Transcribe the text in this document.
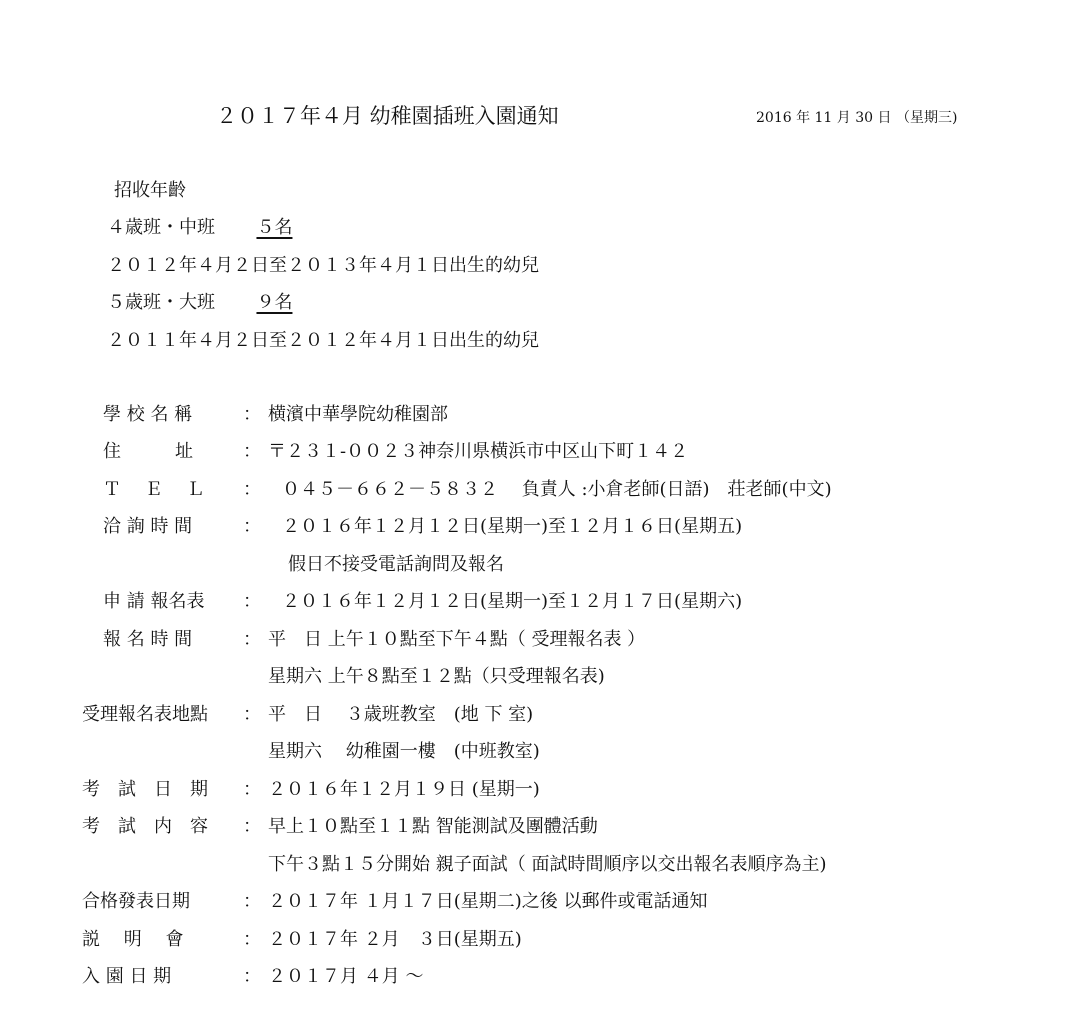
２０１７年４月 幼稚園插班入園通知	2016 年 11 月 30 日 （星期三)
招收年齡
４歳班・中班 ５名
２０１２年４月２日至２０１３年４月１日出生的幼兒
５歳班・大班 ９名
２０１１年４月２日至２０１２年４月１日出生的幼兒
學 校 名 稱	： 横濱中華學院幼稚園部
住　　　址	： 〒２３１-００２３神奈川県横浜市中区山下町１４２
Ｔ　 Ｅ　 Ｌ ： ０４５－６６２－５８３２　 負責人 :小倉老師(日語)　荘老師(中文)
洽 詢 時 間	： ２０１６年１２月１２日(星期一)至１２月１６日(星期五)
假日不接受電話詢問及報名
申 請 報名表 ： ２０１６年１２月１２日(星期一)至１２月１７日(星期六)
報 名 時 間	： 平　日 上午１０點至下午４點（ 受理報名表 ）
星期六 上午８點至１２點（只受理報名表)
受理報名表地點 ： 平　日　 ３歳班教室　(地 下 室)
星期六　 幼稚園一樓　(中班教室)
考　試　日　期 ： ２０１６年１２月１９日 (星期一)
考　試　内　容 ： 早上１０點至１１點 智能測試及團體活動
下午３點１５分開始 親子面試（ 面試時間順序以交出報名表順序為主)
合格發表日期	： ２０１７年 １月１７日(星期二)之後 以郵件或電話通知
説　 明　 會	： ２０１７年 ２月　３日(星期五)
入 園 日 期	： ２０１７月 ４月 ～
